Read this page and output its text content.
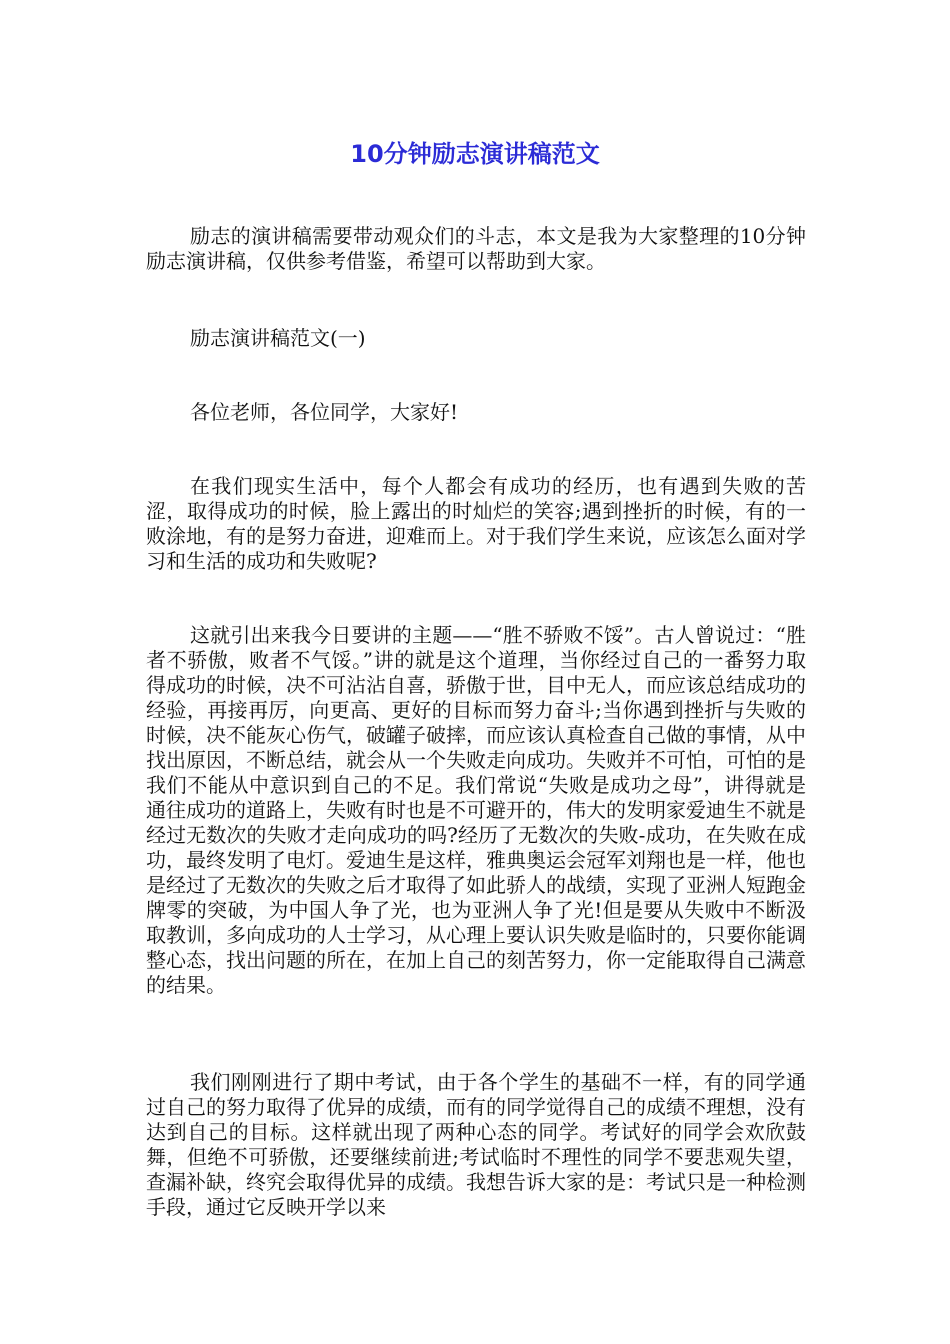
10分钟励志演讲稿范文

励志的演讲稿需要带动观众们的斗志，本文是我为大家整理的10分钟励志演讲稿，仅供参考借鉴，希望可以帮助到大家。

励志演讲稿范文(一)

各位老师，各位同学，大家好!

在我们现实生活中，每个人都会有成功的经历，也有遇到失败的苦涩，取得成功的时候，脸上露出的时灿烂的笑容;遇到挫折的时候，有的一败涂地，有的是努力奋进，迎难而上。对于我们学生来说，应该怎么面对学习和生活的成功和失败呢?

这就引出来我今日要讲的主题——“胜不骄败不馁”。古人曾说过：“胜者不骄傲，败者不气馁。”讲的就是这个道理，当你经过自己的一番努力取得成功的时候，决不可沾沾自喜，骄傲于世，目中无人，而应该总结成功的经验，再接再厉，向更高、更好的目标而努力奋斗;当你遇到挫折与失败的时候，决不能灰心伤气，破罐子破摔，而应该认真检查自己做的事情，从中找出原因，不断总结，就会从一个失败走向成功。失败并不可怕，可怕的是我们不能从中意识到自己的不足。我们常说“失败是成功之母”，讲得就是通往成功的道路上，失败有时也是不可避开的，伟大的发明家爱迪生不就是经过无数次的失败才走向成功的吗?经历了无数次的失败-成功，在失败在成功，最终发明了电灯。爱迪生是这样，雅典奥运会冠军刘翔也是一样，他也是经过了无数次的失败之后才取得了如此骄人的战绩，实现了亚洲人短跑金牌零的突破，为中国人争了光，也为亚洲人争了光!但是要从失败中不断汲取教训，多向成功的人士学习，从心理上要认识失败是临时的，只要你能调整心态，找出问题的所在，在加上自己的刻苦努力，你一定能取得自己满意的结果。

我们刚刚进行了期中考试，由于各个学生的基础不一样，有的同学通过自己的努力取得了优异的成绩，而有的同学觉得自己的成绩不理想，没有达到自己的目标。这样就出现了两种心态的同学。考试好的同学会欢欣鼓舞，但绝不可骄傲，还要继续前进;考试临时不理性的同学不要悲观失望，查漏补缺，终究会取得优异的成绩。我想告诉大家的是：考试只是一种检测手段，通过它反映开学以来
